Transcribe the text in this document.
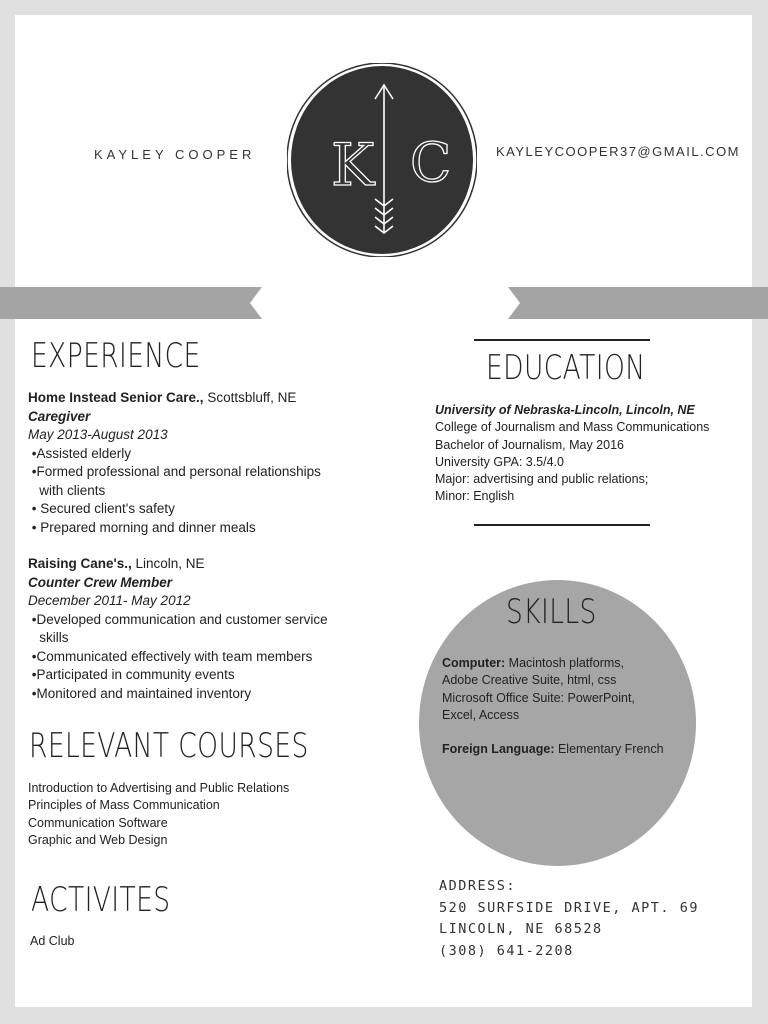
KAYLEY COOPER	KAYLEYCOOPER37@GMAIL.COM
K C
EXPERIENCE
Home Instead Senior Care., Scottsbluff, NE
Caregiver
May 2013-August 2013
•Assisted elderly
•Formed professional and personal relationships
with clients
• Secured client's safety
• Prepared morning and dinner meals
Raising Cane's., Lincoln, NE
Counter Crew Member
December 2011- May 2012
•Developed communication and customer service
skills
•Communicated effectively with team members
•Participated in community events
•Monitored and maintained inventory
RELEVANT COURSES
Introduction to Advertising and Public Relations
Principles of Mass Communication
Communication Software
Graphic and Web Design
ACTIVITES
Ad Club
EDUCATION
University of Nebraska-Lincoln, Lincoln, NE
College of Journalism and Mass Communications
Bachelor of Journalism, May 2016
University GPA: 3.5/4.0
Major: advertising and public relations;
Minor: English
SKILLS
Computer: Macintosh platforms,
Adobe Creative Suite, html, css
Microsoft Office Suite: PowerPoint,
Excel, Access
Foreign Language: Elementary French
ADDRESS:
520 SURFSIDE DRIVE, APT. 69
LINCOLN, NE 68528
(308) 641-2208
